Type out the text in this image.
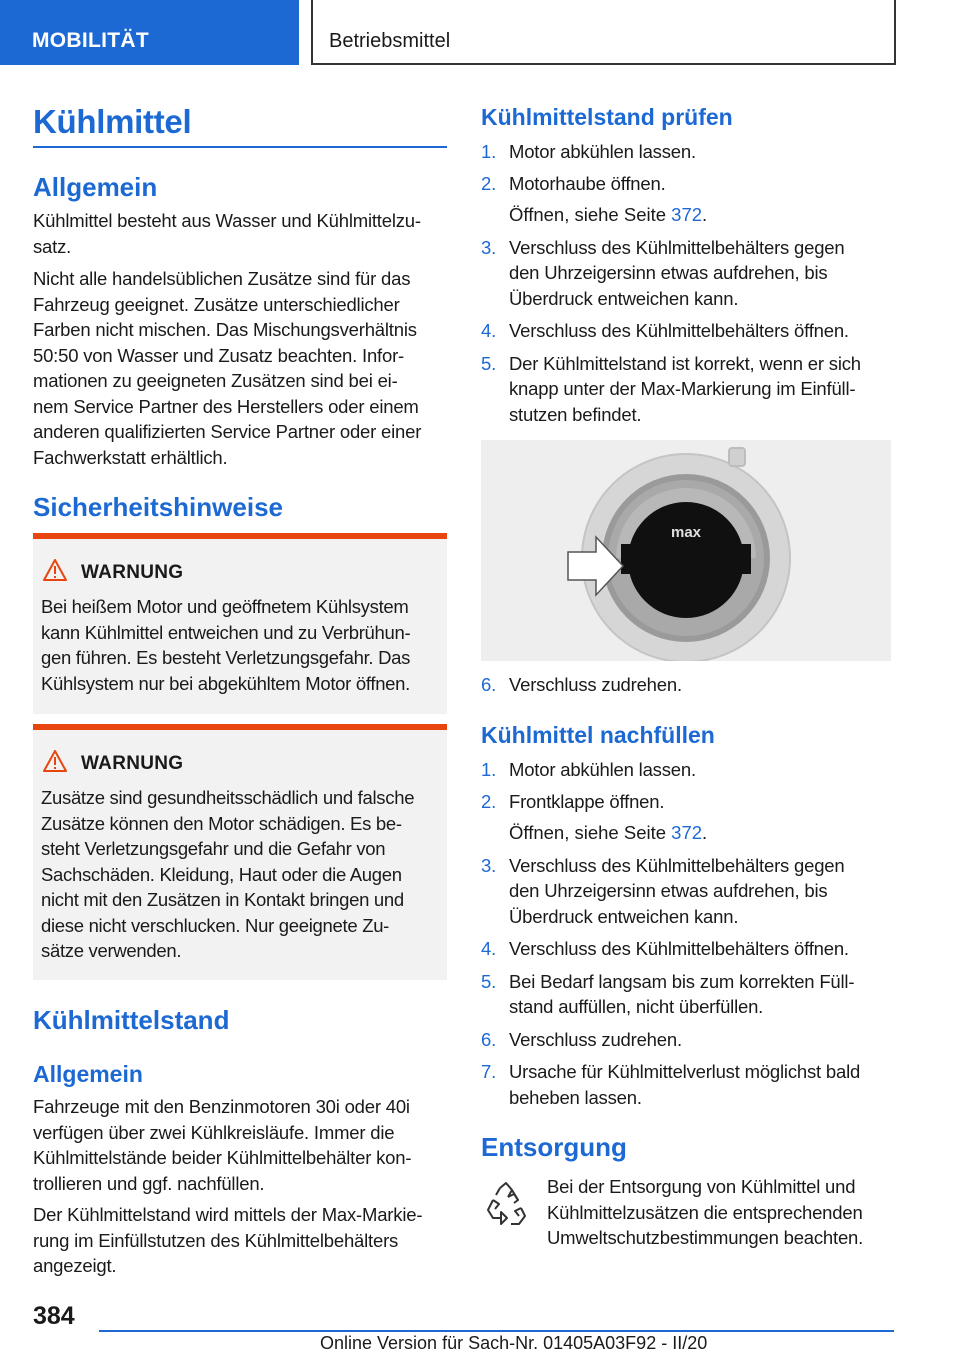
MOBILITÄT	Betriebsmittel
Kühlmittel
Allgemein
Kühlmittel besteht aus Wasser und Kühlmittelzu-
satz.
Nicht alle handelsüblichen Zusätze sind für das
Fahrzeug geeignet. Zusätze unterschiedlicher
Farben nicht mischen. Das Mischungsverhältnis
50:50 von Wasser und Zusatz beachten. Infor-
mationen zu geeigneten Zusätzen sind bei ei-
nem Service Partner des Herstellers oder einem
anderen qualifizierten Service Partner oder einer
Fachwerkstatt erhältlich.
Sicherheitshinweise
WARNUNG
Bei heißem Motor und geöffnetem Kühlsystem
kann Kühlmittel entweichen und zu Verbrühun-
gen führen. Es besteht Verletzungsgefahr. Das
Kühlsystem nur bei abgekühltem Motor öffnen.
WARNUNG
Zusätze sind gesundheitsschädlich und falsche
Zusätze können den Motor schädigen. Es be-
steht Verletzungsgefahr und die Gefahr von
Sachschäden. Kleidung, Haut oder die Augen
nicht mit den Zusätzen in Kontakt bringen und
diese nicht verschlucken. Nur geeignete Zu-
sätze verwenden.
Kühlmittelstand
Allgemein
Fahrzeuge mit den Benzinmotoren 30i oder 40i
verfügen über zwei Kühlkreisläufe. Immer die
Kühlmittelstände beider Kühlmittelbehälter kon-
trollieren und ggf. nachfüllen.
Der Kühlmittelstand wird mittels der Max-Markie-
rung im Einfüllstutzen des Kühlmittelbehälters
angezeigt.
Kühlmittelstand prüfen
1. Motor abkühlen lassen.
2. Motorhaube öffnen.
Öffnen, siehe Seite 372.
3. Verschluss des Kühlmittelbehälters gegen
den Uhrzeigersinn etwas aufdrehen, bis
Überdruck entweichen kann.
4. Verschluss des Kühlmittelbehälters öffnen.
5. Der Kühlmittelstand ist korrekt, wenn er sich
knapp unter der Max-Markierung im Einfüll-
stutzen befindet.
max
6. Verschluss zudrehen.
Kühlmittel nachfüllen
1. Motor abkühlen lassen.
2. Frontklappe öffnen.
Öffnen, siehe Seite 372.
3. Verschluss des Kühlmittelbehälters gegen
den Uhrzeigersinn etwas aufdrehen, bis
Überdruck entweichen kann.
4. Verschluss des Kühlmittelbehälters öffnen.
5. Bei Bedarf langsam bis zum korrekten Füll-
stand auffüllen, nicht überfüllen.
6. Verschluss zudrehen.
7. Ursache für Kühlmittelverlust möglichst bald
beheben lassen.
Entsorgung
Bei der Entsorgung von Kühlmittel und
Kühlmittelzusätzen die entsprechenden
Umweltschutzbestimmungen beachten.
384
Online Version für Sach-Nr. 01405A03F92 - II/20
